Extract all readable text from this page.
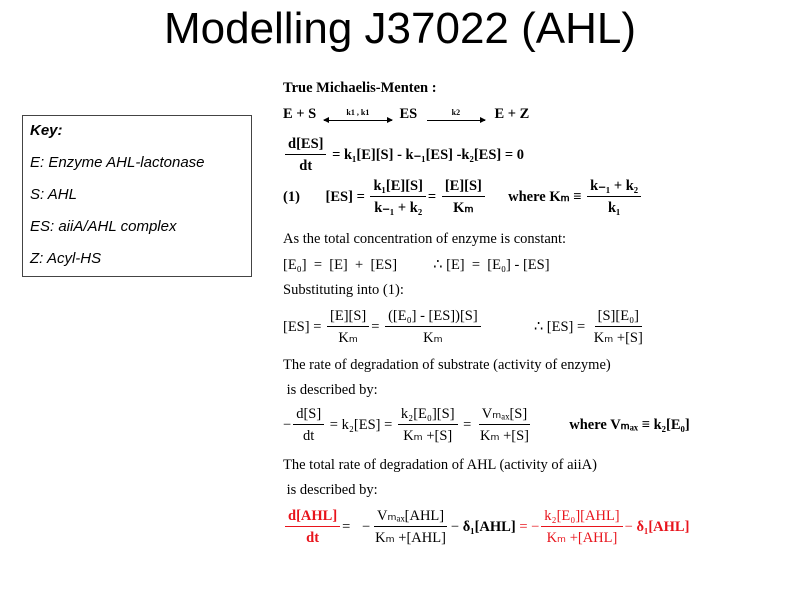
Modelling J37022 (AHL)
Key:
E: Enzyme AHL-lactonase
S: AHL
ES: aiiA/AHL complex
Z: Acyl-HS
True Michaelis-Menten :
E + S	k1 , k1	ES	k2	E + Z
$\frac{d[ES]}{dt} = k_1[E][S] - k_{-1}[ES] -k_2[ES] = 0$
(1) $[ES] = \frac{\text{k₁[E][S]}}{\text{k₋₁ + k₂}} = \frac{[E][S]}{\text{Kₘ}}$ where $K_m \equiv \frac{\text{k₋₁ + k₂}}{\text{k₁}}$
As the total concentration of enzyme is constant:
[E₀]  =  [E]  +  [ES]          ∴ [E]  =  [E₀] - [ES]
Substituting into (1):
$[ES] = \frac{[E][S]}{\text{Kₘ}} = \frac{\text{([E₀] - [ES])[S]}}{\text{Kₘ}}$	∴ $[ES] = \frac{\text{[S][E₀]}}{\text{Kₘ +[S]}}$
The rate of degradation of substrate (activity of enzyme)
is described by:
− $\frac{d[S]}{dt} = k_2[ES] = \frac{\text{k₂[E₀][S]}}{\text{Kₘ +[S]}} = \frac{\text{Vₘₐₓ[S]}}{\text{Kₘ +[S]}}$	where Vₘₐₓ ≡ k₂[E₀]
The total rate of degradation of AHL (activity of aiiA)
is described by:
$\frac{\text{d[AHL]}}{dt}$ = − $\frac{\text{Vₘₐₓ[AHL]}}{\text{Kₘ +[AHL]}} - \delta_1[AHL]$ = − $\frac{\text{k₂[E₀][AHL]}}{\text{Kₘ +[AHL]}} - \delta_1[AHL]$
